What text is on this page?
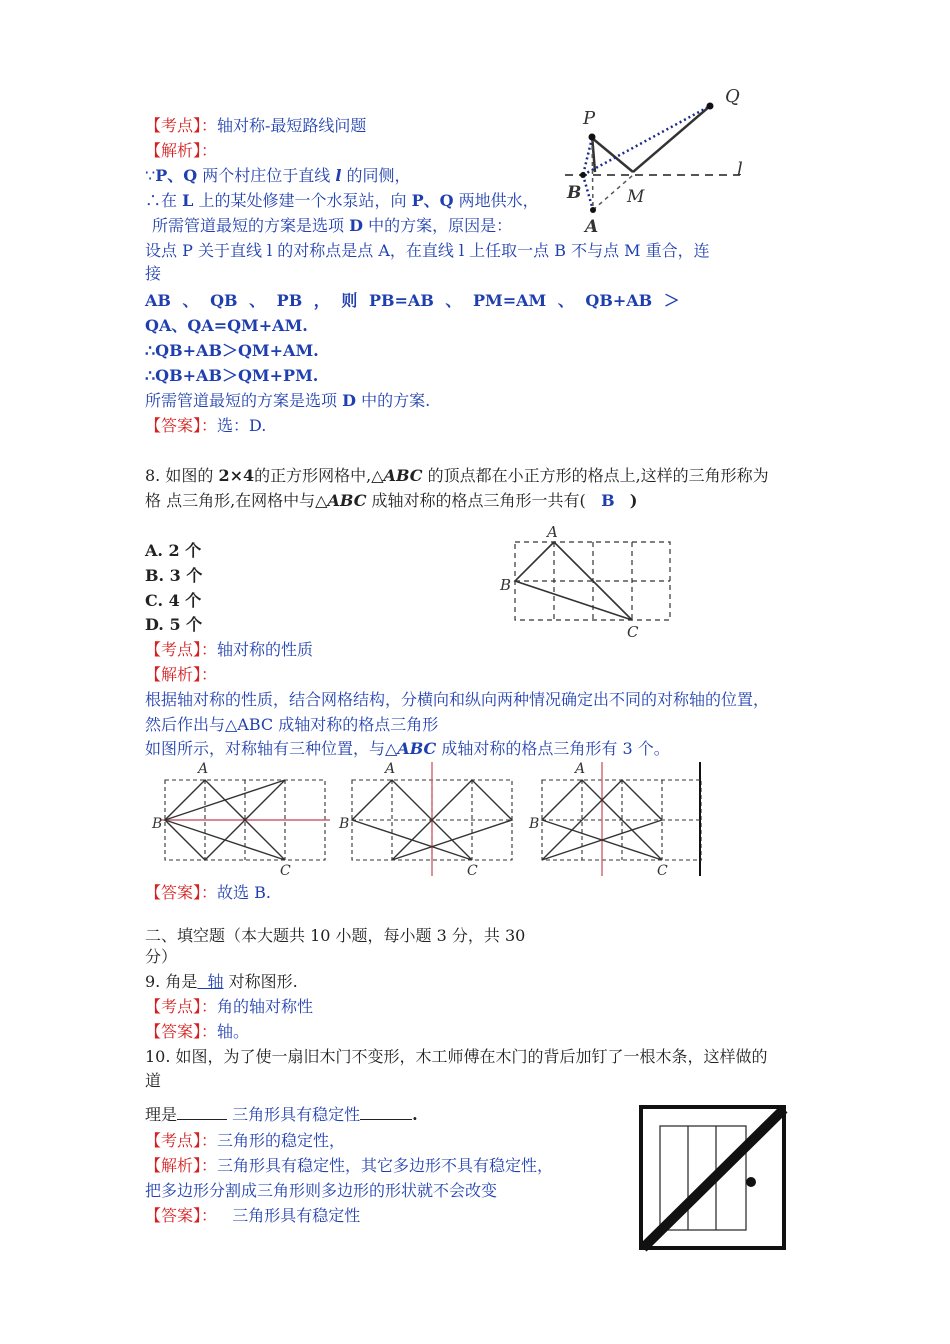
【考点】：轴对称-最短路线问题
【解析】：
∵P、Q 两个村庄位于直线 l 的同侧，
∴在 L 上的某处修建一个水泵站，向 P、Q 两地供水，
所需管道最短的方案是选项 D 中的方案，原因是：
设点 P 关于直线 l 的对称点是点 A，在直线 l 上任取一点 B 不与点 M 重合，连
接
AB 、 QB 、 PB ， 则 PB=AB 、 PM=AM 、 QB+AB ＞
QA、QA=QM+AM.
∴QB+AB＞QM+AM.
∴QB+AB＞QM+PM.
所需管道最短的方案是选项 D 中的方案.
【答案】：选：D.
P
Q
l
B	M
A
8. 如图的 2×4的正方形网格中,△ABC 的顶点都在小正方形的格点上,这样的三角形称为
格 点三角形,在网格中与△ABC 成轴对称的格点三角形一共有( B )
A. 2 个
B. 3 个
C. 4 个
D. 5 个
【考点】：轴对称的性质
【解析】：
根据轴对称的性质，结合网格结构，分横向和纵向两种情况确定出不同的对称轴的位置，
然后作出与△ABC 成轴对称的格点三角形
如图所示，对称轴有三种位置，与△ABC 成轴对称的格点三角形有 3 个。
【答案】：故选 B.
A
B
C
A
B
C
A
B
C
A
B
C
二、填空题（本大题共 10 小题，每小题 3 分，共 30
分）
9. 角是  轴 对称图形.
【考点】：角的轴对称性
【答案】：轴。
10. 如图，为了使一扇旧木门不变形，木工师傅在木门的背后加钉了一根木条，这样做的
道
理是	三角形具有稳定性	.
【考点】：三角形的稳定性，
【解析】：三角形具有稳定性，其它多边形不具有稳定性，
把多边形分割成三角形则多边形的形状就不会改变
【答案】： 三角形具有稳定性
